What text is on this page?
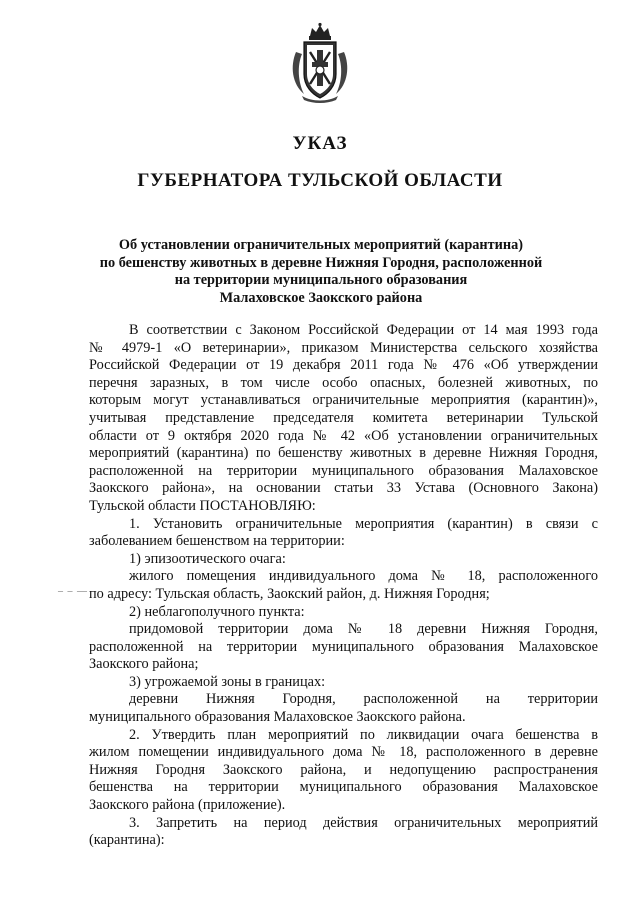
УКАЗ
ГУБЕРНАТОРА ТУЛЬСКОЙ ОБЛАСТИ
Об установлении ограничительных мероприятий (карантина)
по бешенству животных в деревне Нижняя Городня, расположенной
на территории муниципального образования
Малаховское Заокского района
– – —
В соответствии с Законом Российской Федерации от 14 мая 1993 года
№ 4979-1 «О ветеринарии», приказом Министерства сельского хозяйства
Российской Федерации от 19 декабря 2011 года № 476 «Об утверждении
перечня заразных, в том числе особо опасных, болезней животных, по
которым могут устанавливаться ограничительные мероприятия (карантин)»,
учитывая представление председателя комитета ветеринарии Тульской
области от 9 октября 2020 года № 42 «Об установлении ограничительных
мероприятий (карантина) по бешенству животных в деревне Нижняя Городня,
расположенной на территории муниципального образования Малаховское
Заокского района», на основании статьи 33 Устава (Основного Закона)
Тульской области ПОСТАНОВЛЯЮ:
1. Установить ограничительные мероприятия (карантин) в связи с
заболеванием бешенством на территории:
1) эпизоотического очага:
жилого помещения индивидуального дома № 18, расположенного
по адресу: Тульская область, Заокский район, д. Нижняя Городня;
2) неблагополучного пункта:
придомовой территории дома № 18 деревни Нижняя Городня,
расположенной на территории муниципального образования Малаховское
Заокского района;
3) угрожаемой зоны в границах:
деревни Нижняя Городня, расположенной на территории
муниципального образования Малаховское Заокского района.
2. Утвердить план мероприятий по ликвидации очага бешенства в
жилом помещении индивидуального дома № 18, расположенного в деревне
Нижняя Городня Заокского района, и недопущению распространения
бешенства на территории муниципального образования Малаховское
Заокского района (приложение).
3. Запретить на период действия ограничительных мероприятий
(карантина):
